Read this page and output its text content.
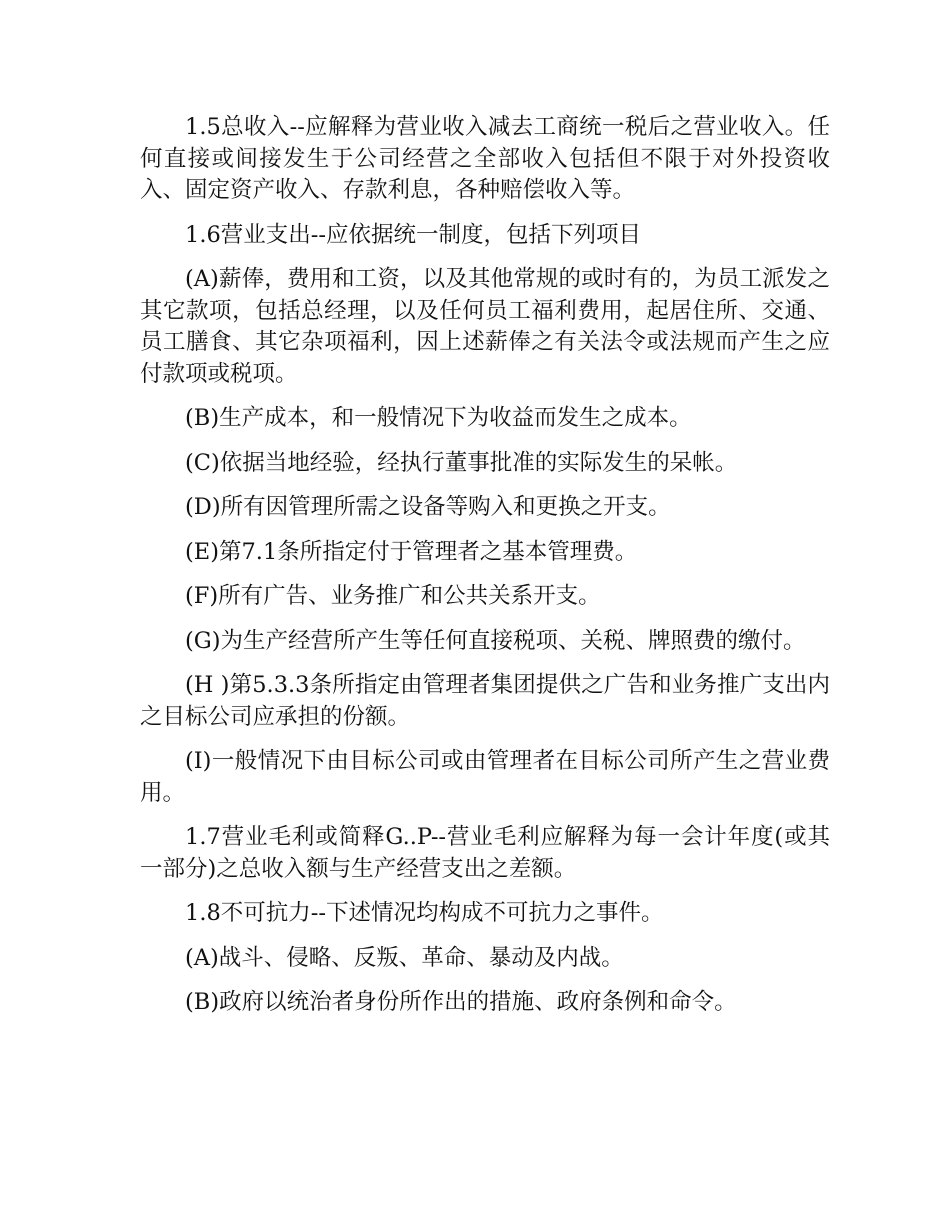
1.5总收入--应解释为营业收入减去工商统一税后之营业收入。任何直接或间接发生于公司经营之全部收入包括但不限于对外投资收入、固定资产收入、存款利息，各种赔偿收入等。

1.6营业支出--应依据统一制度，包括下列项目

(A)薪俸，费用和工资，以及其他常规的或时有的，为员工派发之其它款项，包括总经理，以及任何员工福利费用，起居住所、交通、员工膳食、其它杂项福利，因上述薪俸之有关法令或法规而产生之应付款项或税项。

(B)生产成本，和一般情况下为收益而发生之成本。

(C)依据当地经验，经执行董事批准的实际发生的呆帐。

(D)所有因管理所需之设备等购入和更换之开支。

(E)第7.1条所指定付于管理者之基本管理费。

(F)所有广告、业务推广和公共关系开支。

(G)为生产经营所产生等任何直接税项、关税、牌照费的缴付。

(H )第5.3.3条所指定由管理者集团提供之广告和业务推广支出内之目标公司应承担的份额。

(I)一般情况下由目标公司或由管理者在目标公司所产生之营业费用。

1.7营业毛利或简释G..P--营业毛利应解释为每一会计年度(或其一部分)之总收入额与生产经营支出之差额。

1.8不可抗力--下述情况均构成不可抗力之事件。

(A)战斗、侵略、反叛、革命、暴动及内战。

(B)政府以统治者身份所作出的措施、政府条例和命令。
